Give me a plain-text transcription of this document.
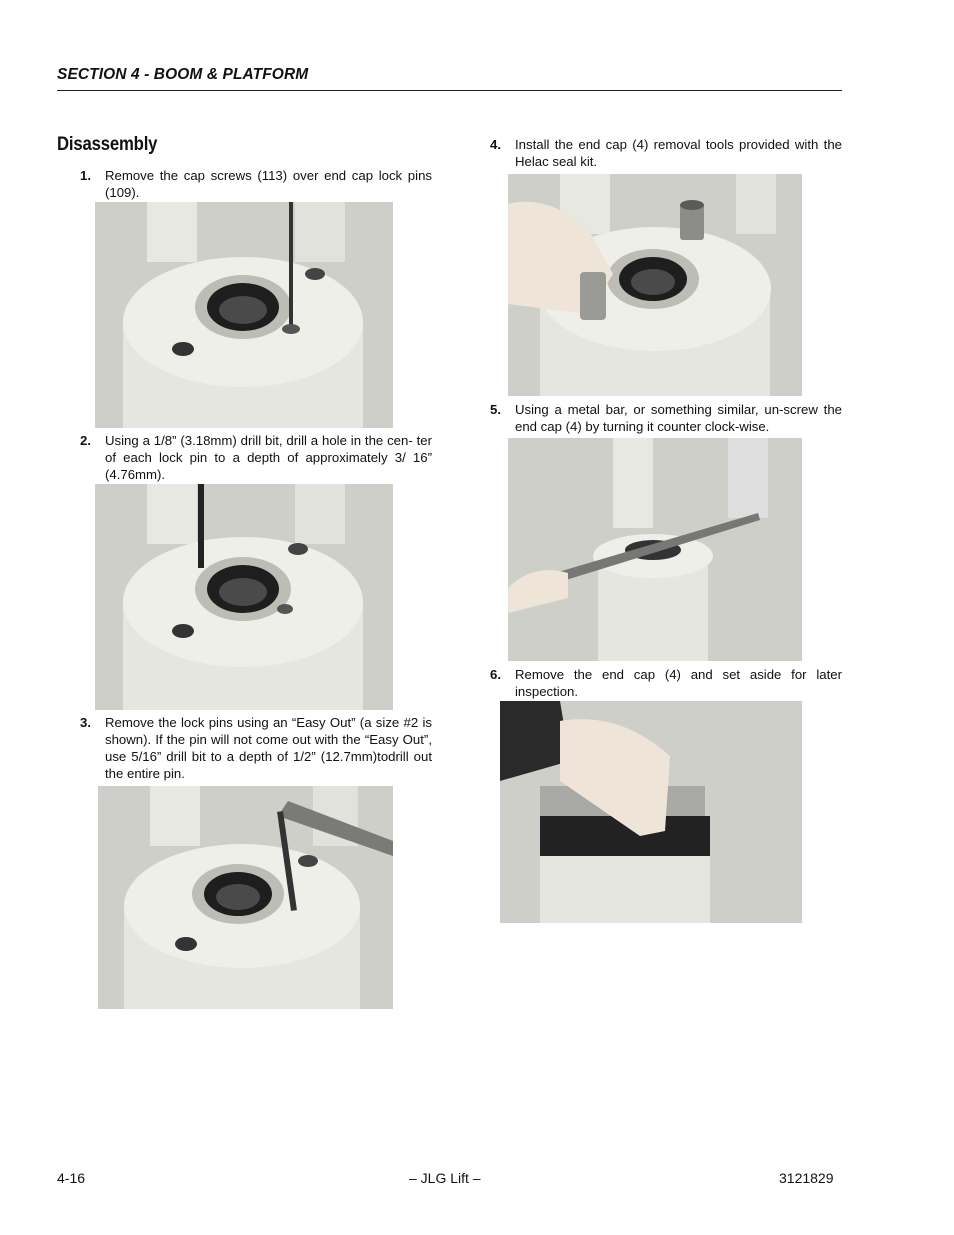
SECTION 4 - BOOM & PLATFORM
Disassembly
1. Remove the cap screws (113) over end cap lock pins (109).
2. Using a 1/8” (3.18mm) drill bit, drill a hole in the cen- ter of each lock pin to a depth of approximately 3/ 16” (4.76mm).
3. Remove the lock pins using an “Easy Out” (a size #2 is shown). If the pin will not come out with the “Easy Out”, use 5/16” drill bit to a depth of 1/2” (12.7mm)todrill out the entire pin.
4. Install the end cap (4) removal tools provided with the Helac seal kit.
5. Using a metal bar, or something similar, un-screw the end cap (4) by turning it counter clock-wise.
6. Remove the end cap (4) and set aside for later inspection.
4-16	– JLG Lift –	3121829
